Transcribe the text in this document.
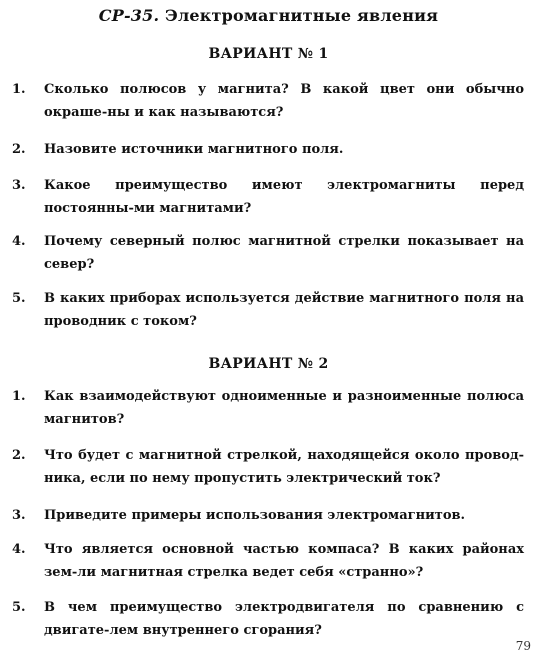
СР-35. Электромагнитные явления
ВАРИАНТ № 1
1. Сколько полюсов у магнита? В какой цвет они обычно окраше-ны и как называются?
2. Назовите источники магнитного поля.
3. Какое преимущество имеют электромагниты перед постоянны-ми магнитами?
4. Почему северный полюс магнитной стрелки показывает на север?
5. В каких приборах используется действие магнитного поля на проводник с током?
ВАРИАНТ № 2
1. Как взаимодействуют одноименные и разноименные полюса магнитов?
2. Что будет с магнитной стрелкой, находящейся около провод-ника, если по нему пропустить электрический ток?
3. Приведите примеры использования электромагнитов.
4. Что является основной частью компаса? В каких районах зем-ли магнитная стрелка ведет себя «странно»?
5. В чем преимущество электродвигателя по сравнению с двигате-лем внутреннего сгорания?
79
